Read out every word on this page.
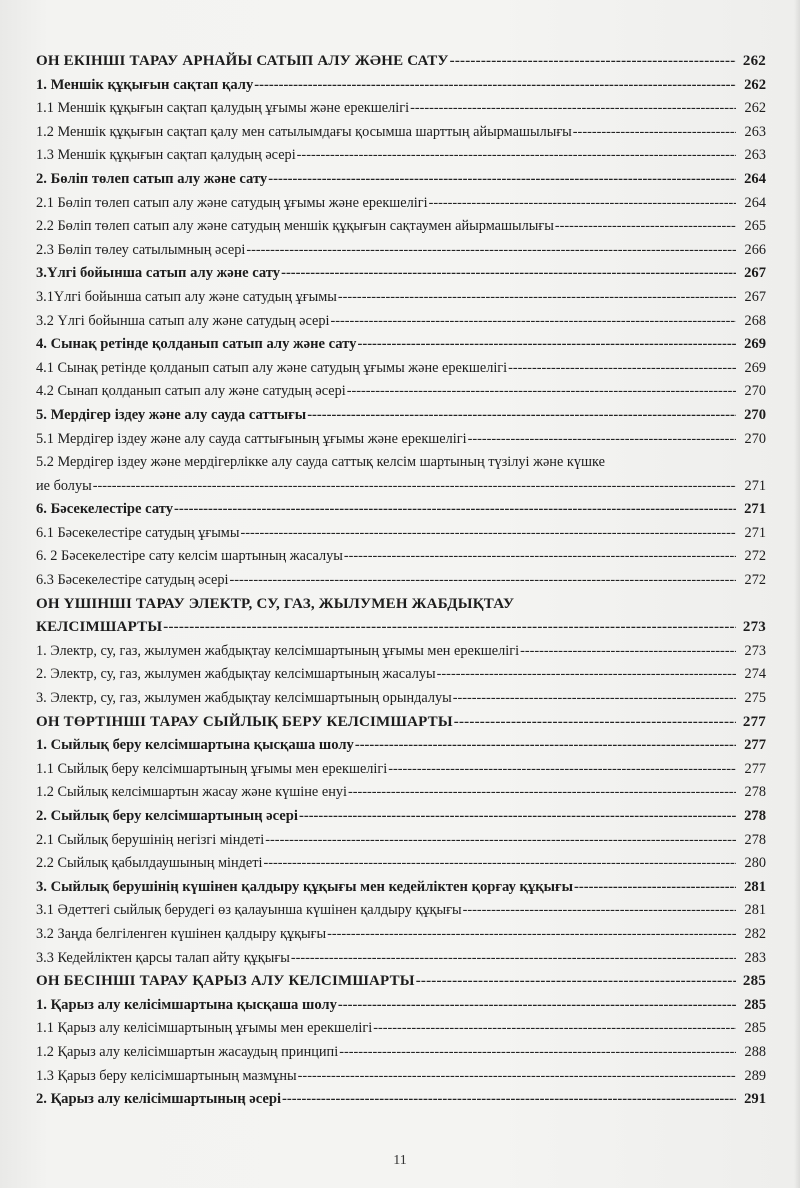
ОН ЕКІНШІ ТАРАУ АРНАЙЫ САТЫП АЛУ ЖӘНЕ САТУ -----	262
1. Меншік құқығын сақтап қалу -----	262
1.1 Меншік құқығын сақтап қалудың ұғымы және ерекшелігі -----	262
1.2 Меншік құқығын сақтап қалу мен сатылымдағы қосымша шарттың айырмашылығы -----	263
1.3 Меншік құқығын сақтап қалудың әсері -----	263
2. Бөліп төлеп сатып алу және сату -----	264
2.1 Бөліп төлеп сатып алу және сатудың ұғымы және ерекшелігі -----	264
2.2 Бөліп төлеп сатып алу және сатудың меншік құқығын сақтаумен айырмашылығы -----	265
2.3 Бөліп төлеу сатылымның әсері -----	266
3.Үлгі бойынша сатып алу және сату -----	267
3.1Үлгі бойынша сатып алу және сатудың ұғымы -----	267
3.2 Үлгі бойынша сатып алу және сатудың әсері -----	268
4. Сынақ ретінде қолданып сатып алу және сату -----	269
4.1 Сынақ ретінде қолданып сатып алу және сатудың ұғымы және ерекшелігі -----	269
4.2 Сынап қолданып сатып алу және сатудың әсері -----	270
5. Мердігер іздеу және алу сауда саттығы -----	270
5.1 Мердігер іздеу және алу сауда саттығының ұғымы және ерекшелігі -----	270
5.2 Мердігер іздеу және мердігерлікке алу сауда саттық келсім шартының түзілуі және күшке
ие болуы -----	271
6. Бәсекелестіре сату -----	271
6.1 Бәсекелестіре сатудың ұғымы -----	271
6. 2 Бәсекелестіре сату келсім шартының жасалуы -----	272
6.3 Бәсекелестіре сатудың әсері -----	272
ОН ҮШІНШІ ТАРАУ ЭЛЕКТР, СУ, ГАЗ, ЖЫЛУМЕН ЖАБДЫҚТАУ
КЕЛСІМШАРТЫ -----	273
1. Электр, су, газ, жылумен жабдықтау келсімшартының ұғымы мен ерекшелігі -----	273
2. Электр, су, газ, жылумен жабдықтау келсімшартының жасалуы -----	274
3. Электр, су, газ, жылумен жабдықтау келсімшартының орындалуы -----	275
ОН ТӨРТІНШІ ТАРАУ СЫЙЛЫҚ БЕРУ КЕЛСІМШАРТЫ -----	277
1. Сыйлық беру келсімшартына қысқаша шолу -----	277
1.1 Сыйлық беру келсімшартының ұғымы мен ерекшелігі -----	277
1.2 Сыйлық келсімшартын жасау және күшіне енуі -----	278
2. Сыйлық беру келсімшартының әсері -----	278
2.1 Сыйлық берушінің негізгі міндеті -----	278
2.2 Сыйлық қабылдаушының міндеті -----	280
3. Сыйлық берушінің күшінен қалдыру құқығы мен кедейліктен қорғау құқығы -----	281
3.1 Әдеттегі сыйлық берудегі өз қалауынша күшінен қалдыру құқығы -----	281
3.2 Заңда белгіленген күшінен қалдыру құқығы -----	282
3.3 Кедейліктен қарсы талап айту құқығы -----	283
ОН БЕСІНШІ ТАРАУ ҚАРЫЗ АЛУ КЕЛСІМШАРТЫ -----	285
1. Қарыз алу келісімшартына қысқаша шолу -----	285
1.1 Қарыз алу келісімшартының ұғымы мен ерекшелігі -----	285
1.2 Қарыз алу келісімшартын жасаудың принципі -----	288
1.3 Қарыз беру келісімшартының мазмұны -----	289
2. Қарыз алу келісімшартының әсері -----	291
11
